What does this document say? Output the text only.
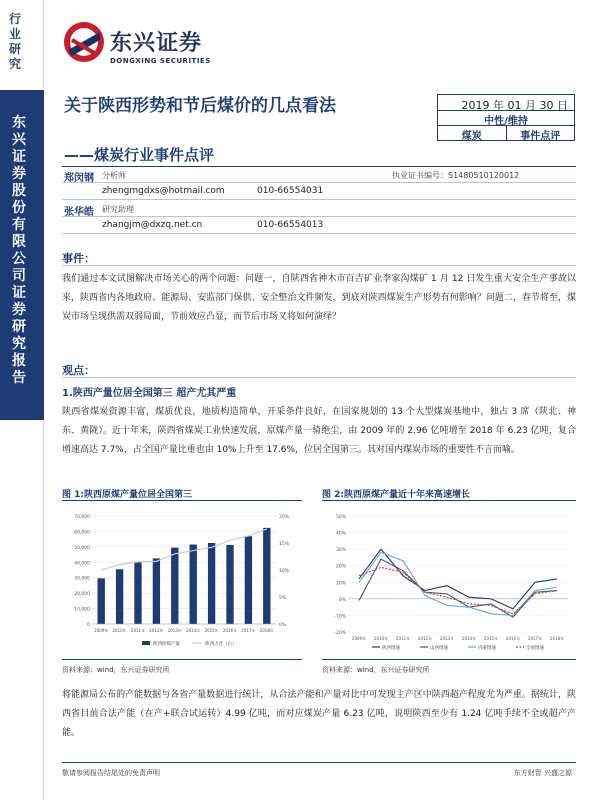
行业研究
东兴证券股份有限公司证券研究报告
东兴证券
DONGXING SECURITIES
关于陕西形势和节后煤价的几点看法
——煤炭行业事件点评
2019 年 01 月 30 日
中性/维持
煤炭	事件点评
郑闵钢 分析师	执业证书编号：S1480510120012
zhengmgdxs@hotmail.com	010-66554031
张华皓 研究助理
zhangjm@dxzq.net.cn	010-66554013
事件：
我们通过本文试图解决市场关心的两个问题：问题一，自陕西省神木市百吉矿业李家沟煤矿 1 月 12 日发生重大安全生产事故以来，陕西省内各地政府、能源局、安监部门保供、安全整治文件频发，到底对陕西煤炭生产形势有何影响？问题二，春节将至，煤炭市场呈现供需双弱局面，节前效应凸显，而节后市场又将如何演绎？
观点：
1.陕西产量位居全国第三 超产尤其严重
陕西省煤炭资源丰富，煤质优良，地质构造简单，开采条件良好，在国家规划的 13 个大型煤炭基地中，独占 3 席（陕北、神东、黄陇）。近十年来，陕西省煤炭工业快速发展，原煤产量一骑绝尘，由 2009 年的 2.96 亿吨增至 2018 年 6.23 亿吨，复合增速高达 7.7%，占全国产量比重也由 10%上升至 17.6%，位居全国第三。其对国内煤炭市场的重要性不言而喻。
图 1:陕西原煤产量位居全国第三	图 2:陕西原煤产量近十年来高速增长
0
10,000
20,000
30,000
40,000
50,000
60,000
70,000
0%
5%
10%
15%
20%
2009年 2010年 2011年 2012年 2013年 2014年 2015年 2016年 2017年 2018年
陕西原煤产量	陕西占比（右）
-20%
-10%
0%
10%
20%
30%
40%
50%
2009年 2010年 2011年 2012年 2013年 2014年 2015年 2016年 2017年 2018年
陕西增速	山西增速	内蒙增速	全国增速
资料来源：wind，东兴证券研究所	资料来源：wind，东兴证券研究所
将能源局公布的产能数据与各省产量数据进行统计，从合法产能和产量对比中可发现主产区中陕西超产程度尤为严重。据统计，陕西省目前合法产能（在产+联合试运转）4.99 亿吨，而对应煤炭产量 6.23 亿吨，说明陕西至少有 1.24 亿吨手续不全或超产产能。
敬请参阅报告结尾处的免责声明	东方财智 兴盛之源
